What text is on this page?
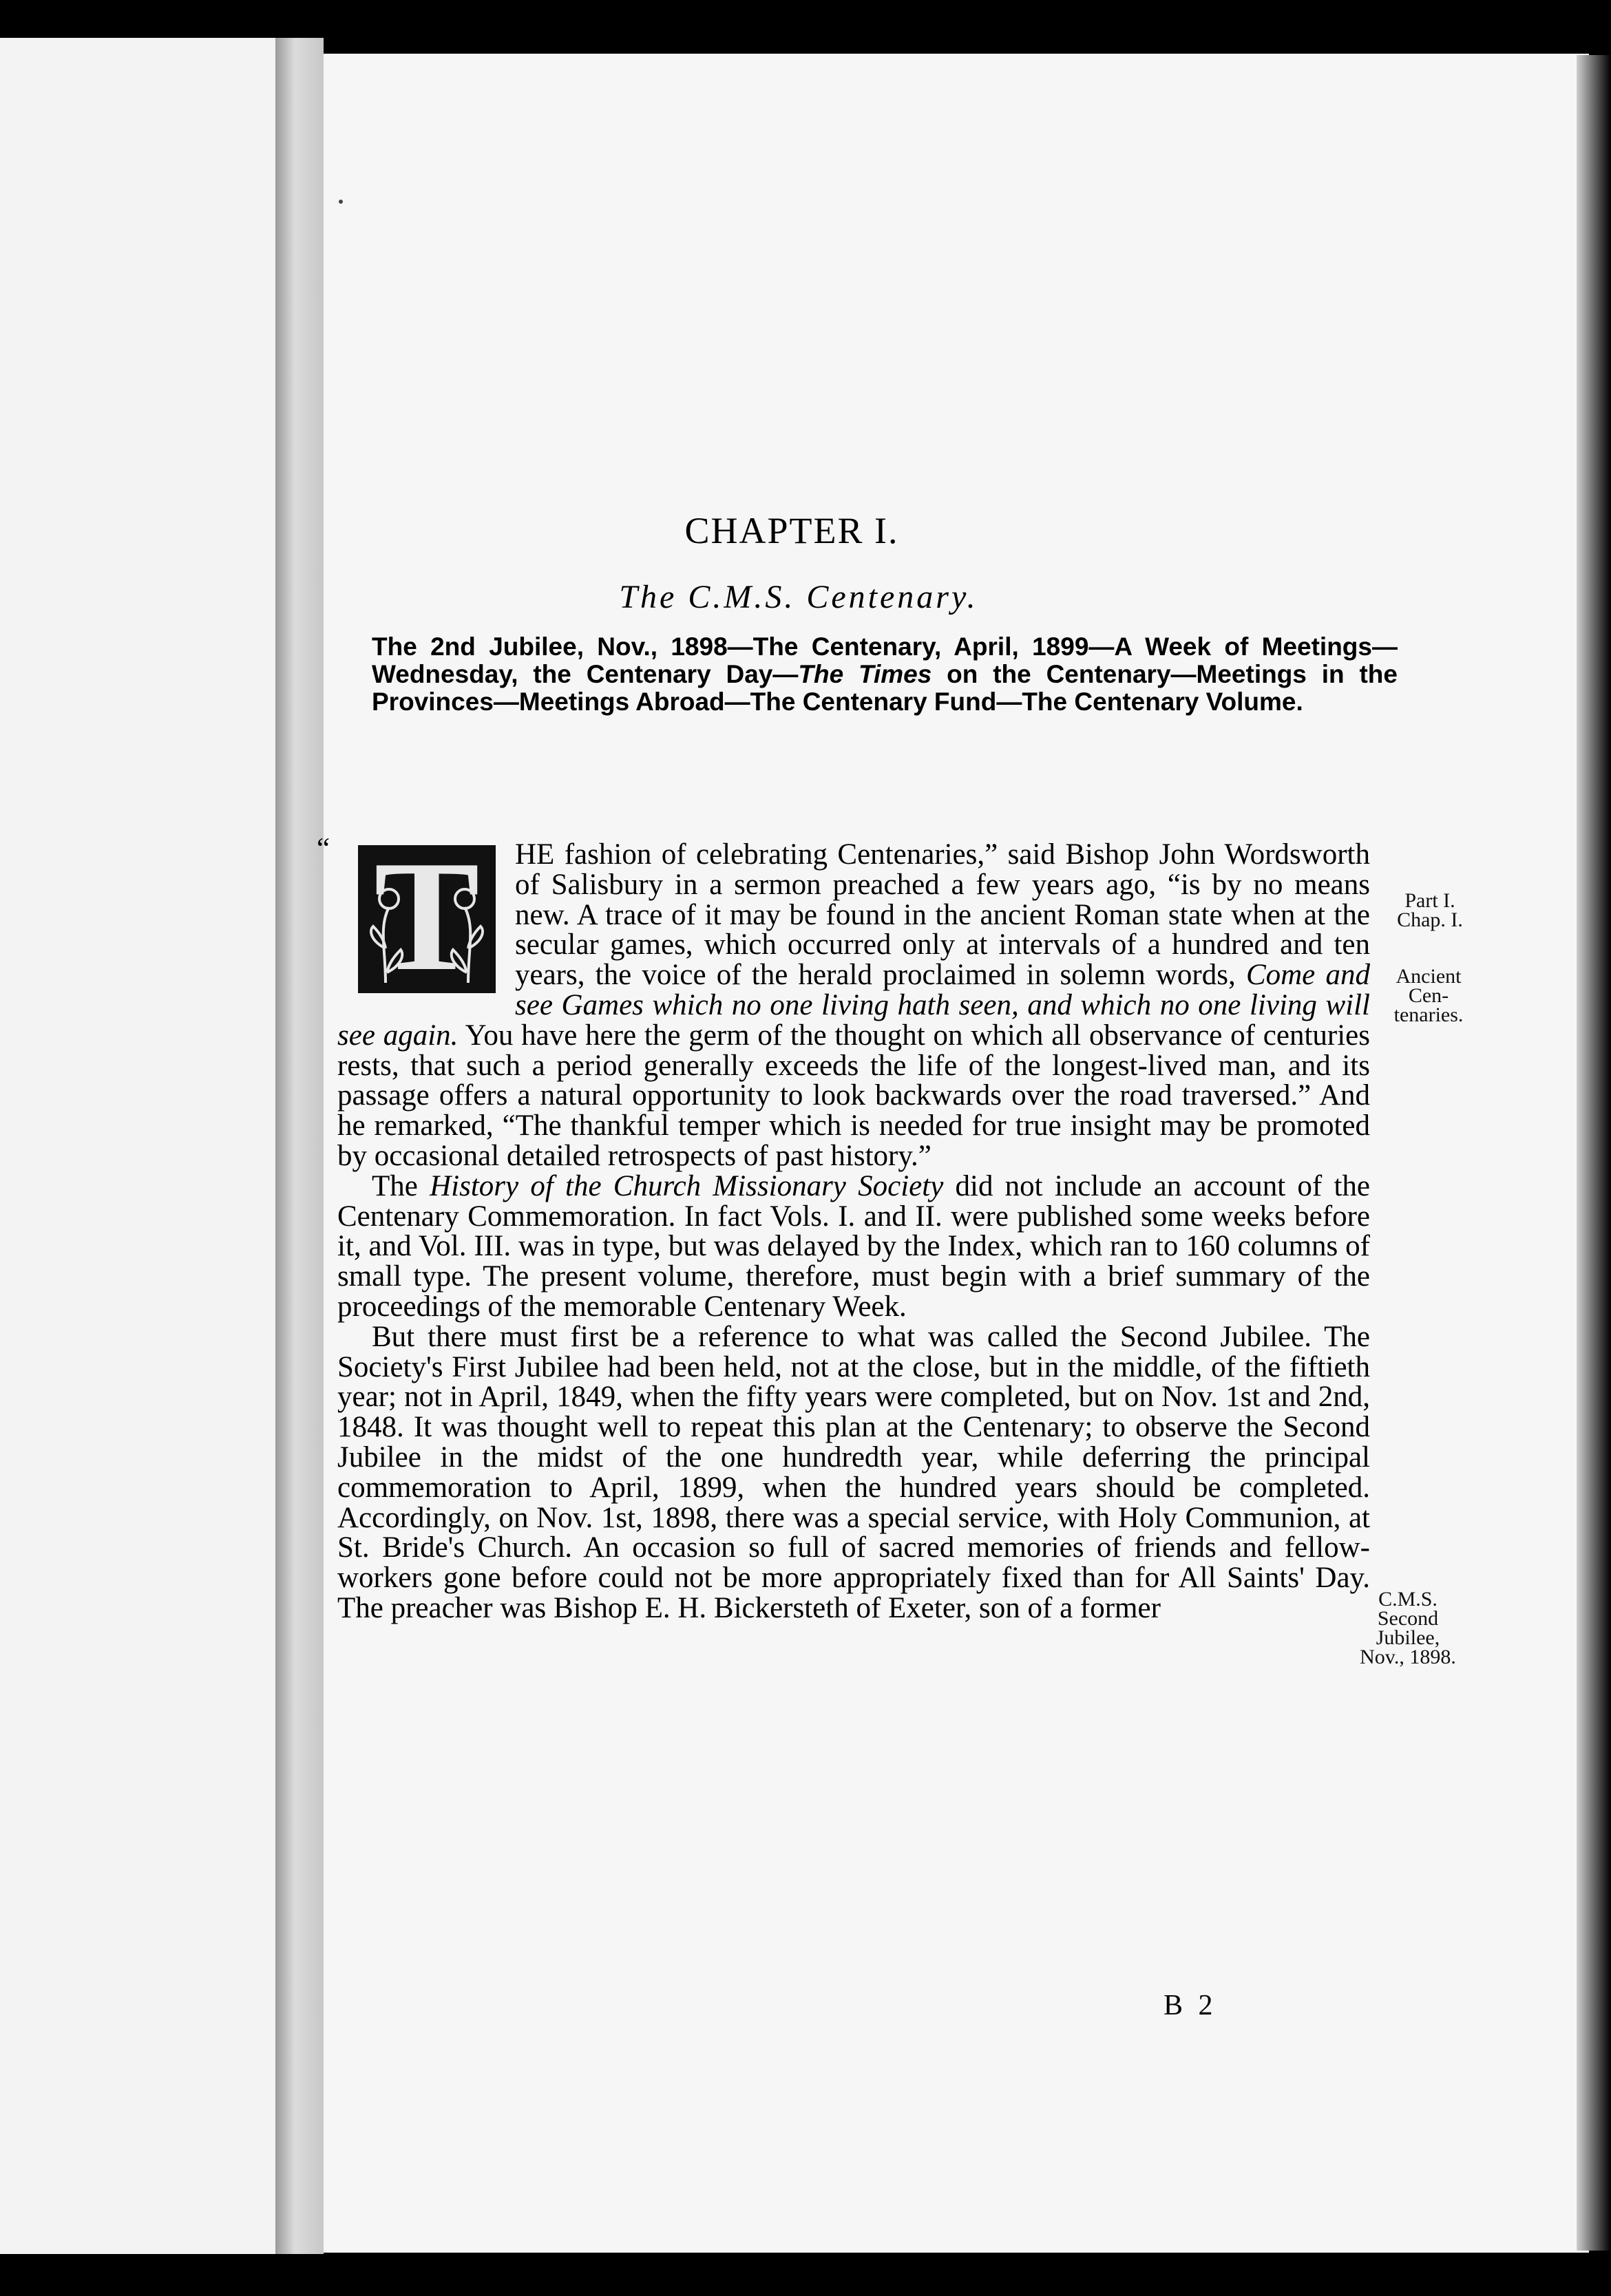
CHAPTER I.
The C.M.S. Centenary.
The 2nd Jubilee, Nov., 1898—The Centenary, April, 1899—A Week of Meetings—Wednesday, the Centenary Day—The Times on the Centenary—Meetings in the Provinces—Meetings Abroad—The Centenary Fund—The Centenary Volume.

“ T	HE fashion of celebrating Centenaries,” said Bishop John Wordsworth of Salisbury in a sermon preached a few years ago, “is by no means new. A trace of it may be found in the ancient Roman state when at the secular games, which occurred only at intervals of a hundred and ten years, the voice of the herald proclaimed in solemn words, Come and see Games which no one living hath seen, and which no one living will see again. You have here the germ of the thought on which all observance of centuries rests, that such a period generally exceeds the life of the longest-lived man, and its passage offers a natural opportunity to look backwards over the road traversed.” And he remarked, “The thankful temper which is needed for true insight may be promoted by occasional detailed retrospects of past history.”

The History of the Church Missionary Society did not include an account of the Centenary Commemoration. In fact Vols. I. and II. were published some weeks before it, and Vol. III. was in type, but was delayed by the Index, which ran to 160 columns of small type. The present volume, therefore, must begin with a brief summary of the proceedings of the memorable Centenary Week.

But there must first be a reference to what was called the Second Jubilee. The Society's First Jubilee had been held, not at the close, but in the middle, of the fiftieth year; not in April, 1849, when the fifty years were completed, but on Nov. 1st and 2nd, 1848. It was thought well to repeat this plan at the Centenary; to observe the Second Jubilee in the midst of the one hundredth year, while deferring the principal commemoration to April, 1899, when the hundred years should be completed. Accordingly, on Nov. 1st, 1898, there was a special service, with Holy Communion, at St. Bride's Church. An occasion so full of sacred memories of friends and fellow-workers gone before could not be more appropriately fixed than for All Saints' Day. The preacher was Bishop E. H. Bickersteth of Exeter, son of a former

Part I.
Chap. I.
Ancient
Cen-
tenaries.
C.M.S.
Second
Jubilee,
Nov., 1898.
B 2
